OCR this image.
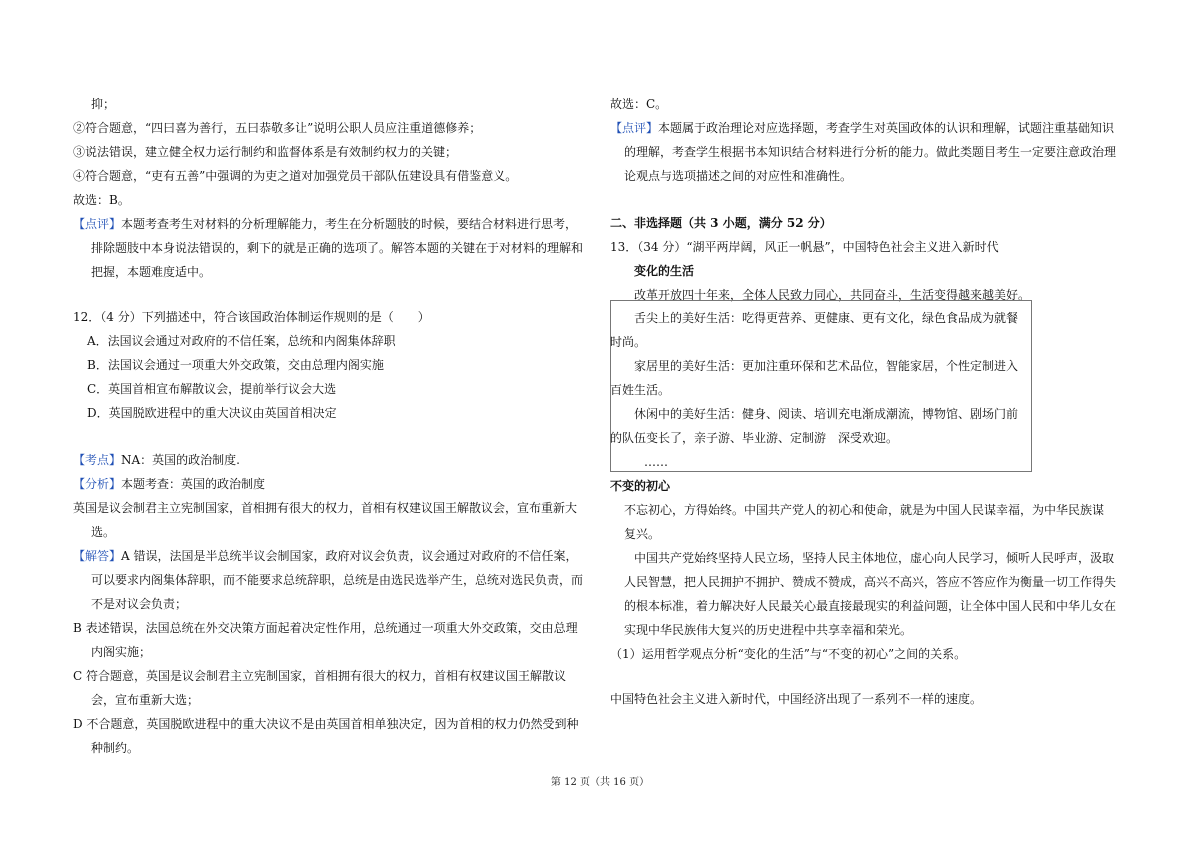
抑；
②符合题意，“四曰喜为善行，五曰恭敬多让”说明公职人员应注重道德修养；
③说法错误，建立健全权力运行制约和监督体系是有效制约权力的关键；
④符合题意，“吏有五善”中强调的为吏之道对加强党员干部队伍建设具有借鉴意义。
故选：B。
【点评】本题考查考生对材料的分析理解能力，考生在分析题肢的时候，要结合材料进行思考，
排除题肢中本身说法错误的，剩下的就是正确的选项了。解答本题的关键在于对材料的理解和
把握，本题难度适中。
12．（4 分）下列描述中，符合该国政治体制运作规则的是（　　）
A．法国议会通过对政府的不信任案，总统和内阁集体辞职
B．法国议会通过一项重大外交政策，交由总理内阁实施
C．英国首相宣布解散议会，提前举行议会大选
D．英国脱欧进程中的重大决议由英国首相决定
【考点】NA：英国的政治制度.
【分析】本题考查：英国的政治制度
英国是议会制君主立宪制国家，首相拥有很大的权力，首相有权建议国王解散议会，宣布重新大
选。
【解答】A 错误，法国是半总统半议会制国家，政府对议会负责，议会通过对政府的不信任案，
可以要求内阁集体辞职，而不能要求总统辞职，总统是由选民选举产生，总统对选民负责，而
不是对议会负责；
B 表述错误，法国总统在外交决策方面起着决定性作用，总统通过一项重大外交政策，交由总理
内阁实施；
C 符合题意，英国是议会制君主立宪制国家，首相拥有很大的权力，首相有权建议国王解散议
会，宣布重新大选；
D 不合题意，英国脱欧进程中的重大决议不是由英国首相单独决定，因为首相的权力仍然受到种
种制约。
故选：C。
【点评】本题属于政治理论对应选择题，考查学生对英国政体的认识和理解，试题注重基础知识
的理解，考查学生根据书本知识结合材料进行分析的能力。做此类题目考生一定要注意政治理
论观点与选项描述之间的对应性和准确性。
二、非选择题（共 3 小题，满分 52 分）
13．（34 分）“湖平两岸阔，风正一帆悬”，中国特色社会主义进入新时代
变化的生活
改革开放四十年来，全体人民致力同心，共同奋斗，生活变得越来越美好。
舌尖上的美好生活：吃得更营养、更健康、更有文化，绿色食品成为就餐
时尚。
家居里的美好生活：更加注重环保和艺术品位，智能家居，个性定制进入
百姓生活。
休闲中的美好生活：健身、阅读、培训充电渐成潮流，博物馆、剧场门前
的队伍变长了，亲子游、毕业游、定制游　深受欢迎。
……
不变的初心
不忘初心，方得始终。中国共产党人的初心和使命，就是为中国人民谋幸福，为中华民族谋
复兴。
中国共产党始终坚持人民立场，坚持人民主体地位，虚心向人民学习，倾听人民呼声，汲取
人民智慧，把人民拥护不拥护、赞成不赞成，高兴不高兴，答应不答应作为衡量一切工作得失
的根本标准，着力解决好人民最关心最直接最现实的利益问题，让全体中国人民和中华儿女在
实现中华民族伟大复兴的历史进程中共享幸福和荣光。
（1）运用哲学观点分析“变化的生活”与“不变的初心”之间的关系。
中国特色社会主义进入新时代，中国经济出现了一系列不一样的速度。
第 12 页（共 16 页）
